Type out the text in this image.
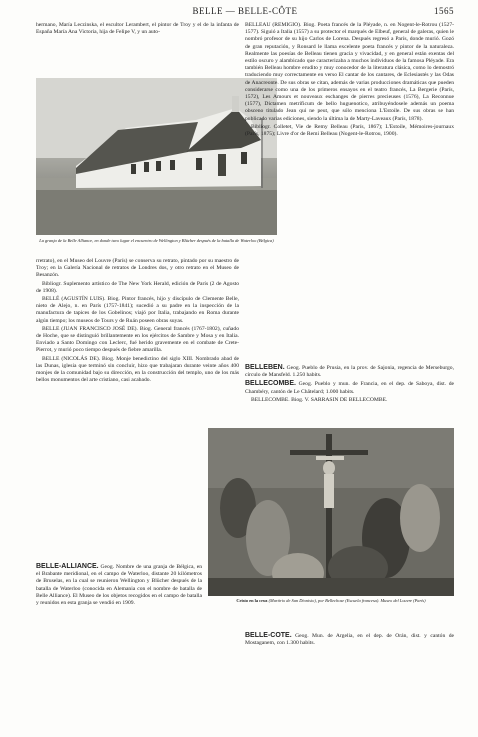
BELLE — BELLE-CÔTE	1565

hermano, María Leczinska, el escultor Lerambert, el pintor de Troy y el de la infanta de España María Ana Victoria, hija de Felipe V, y un auto-

La granja de la Belle Alliance, en donde tuvo lugar el encuentro de Wellington y Blücher después de la batalla de Waterloo (Bélgica)

rretrato), en el Museo del Louvre (París) se conserva su retrato, pintado por su maestro de Troy; en la Galería Nacional de retratos de Londres dos, y otro retrato en el Museo de Besanzón.

Bibliogr. Suplemento artístico de The New York Herald, edición de París (2 de Agosto de 1908).

BELLÉ (AGUSTÍN LUIS). Biog. Pintor francés, hijo y discípulo de Clemente Belle, nieto de Alejo, n. en París (1757-1841); sucedió a su padre en la inspección de la manufactura de tapices de los Gobelinos; viajó por Italia, trabajando en Roma durante algún tiempo; los museos de Tours y de Ruán poseen obras suyas.

BELLE (JUAN FRANCISCO JOSÉ DE). Biog. General francés (1767-1802), cuñado de Hoche, que se distinguió brillantemente en los ejércitos de Sambre y Mosa y en Italia. Enviado a Santo Domingo con Leclerc, fué herido gravemente en el combate de Crete-Pierrot, y murió poco tiempo después de fiebre amarilla.

BELLE (NICOLÁS DE). Biog. Monje benedictino del siglo XIII. Nombrado abad de las Dunas, iglesia que terminó sin concluir, hizo que trabajaran durante veinte años 400 monjes de la comunidad bajo su dirección, en la construcción del templo, uno de los más bellos monumentos del arte cristiano, casi acabado.

BELLE-ALLIANCE. Geog. Nombre de una granja de Bélgica, en el Brabante meridional, en el campo de Waterloo, distante 20 kilómetros de Bruselas, en la cual se reunieron Wellington y Blücher después de la batalla de Waterloo (conocida en Alemania con el nombre de batalla de Belle Alliance). El Museo de los objetos recogidos en el campo de batalla y reunidos en esta granja se vendió en 1909.

BELLEAU (REMIGIO). Biog. Poeta francés de la Pléyade, n. en Nogent-le-Rotrou (1527-1577). Siguió a Italia (1557) a su protector el marqués de Elbeuf, general de galeras, quien le nombró profesor de su hijo Carlos de Lorena. Después regresó a París, donde murió. Gozó de gran reputación, y Ronsard le llama excelente poeta francés y pintor de la naturaleza. Realmente las poesías de Belleau tienen gracia y vivacidad, y en general están exentas del estilo oscuro y alambicado que caracterizaba a muchos individuos de la famosa Pléyade. Era también Belleau hombre erudito y muy conocedor de la literatura clásica, como lo demostró traduciendo muy correctamente en verso El cantar de los cantares, de Eclesiastés y las Odas de Anacreonte. De sus obras se citan, además de varias producciones dramáticas que pueden considerarse como una de los primeros ensayos en el teatro francés, La Bergerie (París, 1572), Les Amours et nouveaux eschanges de pierres precieuses (1576), La Reconnue (1577), Dictamen metrificum de bello huguenotico, atribuyéndosele además un poema obsceno titulado Jean qui ne peut, que sólo menciona L'Estoile. De sus obras se han publicado varias ediciones, siendo la última la de Marty-Laveaux (París, 1878).

Bibliogr. Colletet, Vie de Remy Belleau (París, 1867); L'Estoile, Mémoires-journaux (París, 1875); Livre d'or de Remi Belleau (Nogent-le-Rotrou, 1900).

BELLEBEN. Geog. Pueblo de Prusia, en la prov. de Sajonia, regencia de Merseburgo, círculo de Mansfeld. 1.250 habits.

BELLECOMBE. Geog. Pueblo y mun. de Francia, en el dep. de Saboya, dist. de Chambéry, cantón de Le Châtelard; 1.000 habits.

BELLECOMBE. Biog. V. SARRASIN DE BELLECOMBE.

Cristo en la cruz (Martirio de San Dionisio), por Bellechose (Escuela francesa). Museo del Louvre (París)

BELLE-CÔTE. Geog. Mun. de Argelia, en el dep. de Orán, dist. y cantón de Mostaganem, con 1.300 habits.
